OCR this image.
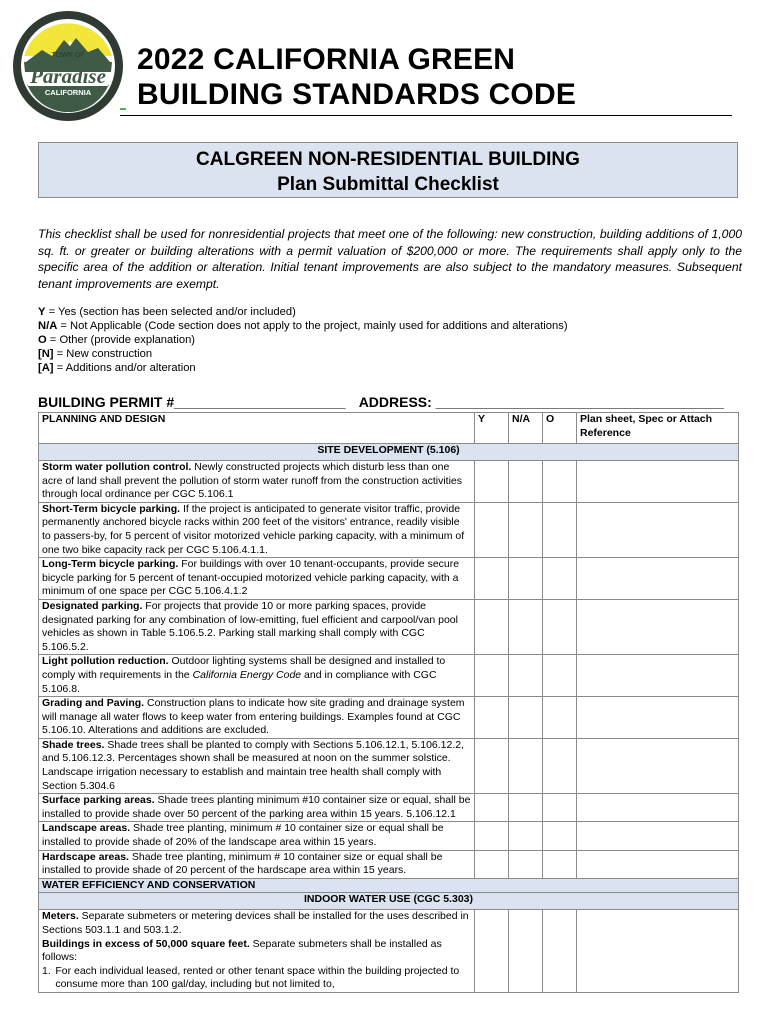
TOWN OF
Paradise
CALIFORNIA
INC. 1979
2022 CALIFORNIA GREEN
BUILDING STANDARDS CODE
CALGREEN NON-RESIDENTIAL BUILDING
Plan Submittal Checklist
This checklist shall be used for nonresidential projects that meet one of the following: new construction, building additions of 1,000 sq. ft. or greater or building alterations with a permit valuation of $200,000 or more. The requirements shall apply only to the specific area of the addition or alteration. Initial tenant improvements are also subject to the mandatory measures. Subsequent tenant improvements are exempt.
Y = Yes (section has been selected and/or included)
N/A = Not Applicable (Code section does not apply to the project, mainly used for additions and alterations)
O = Other (provide explanation)
[N] = New construction
[A] = Additions and/or alteration
BUILDING PERMIT #______________________ ADDRESS: _____________________________________
PLANNING AND DESIGN	Y	N/A	O	Plan sheet, Spec or Attach Reference
SITE DEVELOPMENT (5.106)				
Storm water pollution control. Newly constructed projects which disturb less than one acre of land shall prevent the pollution of storm water runoff from the construction activities through local ordinance per CGC 5.106.1				
Short-Term bicycle parking. If the project is anticipated to generate visitor traffic, provide permanently anchored bicycle racks within 200 feet of the visitors' entrance, readily visible to passers-by, for 5 percent of visitor motorized vehicle parking capacity, with a minimum of one two bike capacity rack per CGC 5.106.4.1.1.				
Long-Term bicycle parking. For buildings with over 10 tenant-occupants, provide secure bicycle parking for 5 percent of tenant-occupied motorized vehicle parking capacity, with a minimum of one space per CGC 5.106.4.1.2				
Designated parking. For projects that provide 10 or more parking spaces, provide designated parking for any combination of low-emitting, fuel efficient and carpool/van pool vehicles as shown in Table 5.106.5.2. Parking stall marking shall comply with CGC 5.106.5.2.				
Light pollution reduction. Outdoor lighting systems shall be designed and installed to comply with requirements in the California Energy Code and in compliance with CGC 5.106.8.				
Grading and Paving. Construction plans to indicate how site grading and drainage system will manage all water flows to keep water from entering buildings. Examples found at CGC 5.106.10. Alterations and additions are excluded.				
Shade trees. Shade trees shall be planted to comply with Sections 5.106.12.1, 5.106.12.2, and 5.106.12.3. Percentages shown shall be measured at noon on the summer solstice. Landscape irrigation necessary to establish and maintain tree health shall comply with Section 5.304.6				
Surface parking areas. Shade trees planting minimum #10 container size or equal, shall be installed to provide shade over 50 percent of the parking area within 15 years. 5.106.12.1				
Landscape areas. Shade tree planting, minimum # 10 container size or equal shall be installed to provide shade of 20% of the landscape area within 15 years.				
Hardscape areas. Shade tree planting, minimum # 10 container size or equal shall be installed to provide shade of 20 percent of the hardscape area within 15 years.				
WATER EFFICIENCY AND CONSERVATION				
INDOOR WATER USE (CGC 5.303)				
Meters. Separate submeters or metering devices shall be installed for the uses described in Sections 503.1.1 and 503.1.2.
Buildings in excess of 50,000 square feet. Separate submeters shall be installed as follows:

1. For each individual leased, rented or other tenant space within the building projected to consume more than 100 gal/day, including but not limited to,				
